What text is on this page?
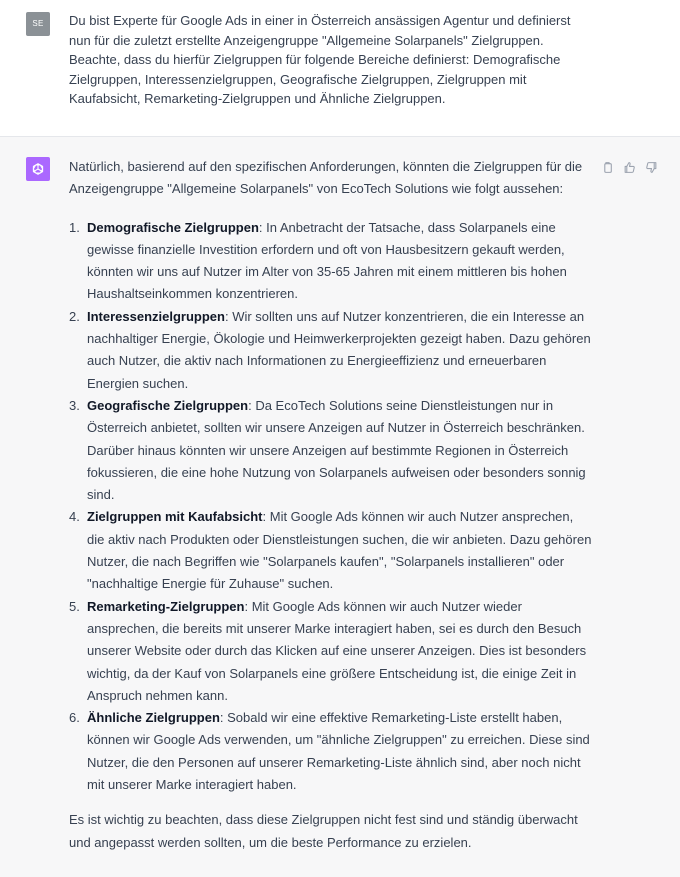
SE	Du bist Experte für Google Ads in einer in Österreich ansässigen Agentur und definierst nun für die zuletzt erstellte Anzeigengruppe "Allgemeine Solarpanels" Zielgruppen. Beachte, dass du hierfür Zielgruppen für folgende Bereiche definierst: Demografische Zielgruppen, Interessenzielgruppen, Geografische Zielgruppen, Zielgruppen mit Kaufabsicht, Remarketing-Zielgruppen und Ähnliche Zielgruppen.

Natürlich, basierend auf den spezifischen Anforderungen, könnten die Zielgruppen für die Anzeigengruppe "Allgemeine Solarpanels" von EcoTech Solutions wie folgt aussehen:

1. Demografische Zielgruppen: In Anbetracht der Tatsache, dass Solarpanels eine gewisse finanzielle Investition erfordern und oft von Hausbesitzern gekauft werden, könnten wir uns auf Nutzer im Alter von 35-65 Jahren mit einem mittleren bis hohen Haushaltseinkommen konzentrieren.
2. Interessenzielgruppen: Wir sollten uns auf Nutzer konzentrieren, die ein Interesse an nachhaltiger Energie, Ökologie und Heimwerkerprojekten gezeigt haben. Dazu gehören auch Nutzer, die aktiv nach Informationen zu Energieeffizienz und erneuerbaren Energien suchen.
3. Geografische Zielgruppen: Da EcoTech Solutions seine Dienstleistungen nur in Österreich anbietet, sollten wir unsere Anzeigen auf Nutzer in Österreich beschränken. Darüber hinaus könnten wir unsere Anzeigen auf bestimmte Regionen in Österreich fokussieren, die eine hohe Nutzung von Solarpanels aufweisen oder besonders sonnig sind.
4. Zielgruppen mit Kaufabsicht: Mit Google Ads können wir auch Nutzer ansprechen, die aktiv nach Produkten oder Dienstleistungen suchen, die wir anbieten. Dazu gehören Nutzer, die nach Begriffen wie "Solarpanels kaufen", "Solarpanels installieren" oder "nachhaltige Energie für Zuhause" suchen.
5. Remarketing-Zielgruppen: Mit Google Ads können wir auch Nutzer wieder ansprechen, die bereits mit unserer Marke interagiert haben, sei es durch den Besuch unserer Website oder durch das Klicken auf eine unserer Anzeigen. Dies ist besonders wichtig, da der Kauf von Solarpanels eine größere Entscheidung ist, die einige Zeit in Anspruch nehmen kann.
6. Ähnliche Zielgruppen: Sobald wir eine effektive Remarketing-Liste erstellt haben, können wir Google Ads verwenden, um "ähnliche Zielgruppen" zu erreichen. Diese sind Nutzer, die den Personen auf unserer Remarketing-Liste ähnlich sind, aber noch nicht mit unserer Marke interagiert haben.

Es ist wichtig zu beachten, dass diese Zielgruppen nicht fest sind und ständig überwacht und angepasst werden sollten, um die beste Performance zu erzielen.
